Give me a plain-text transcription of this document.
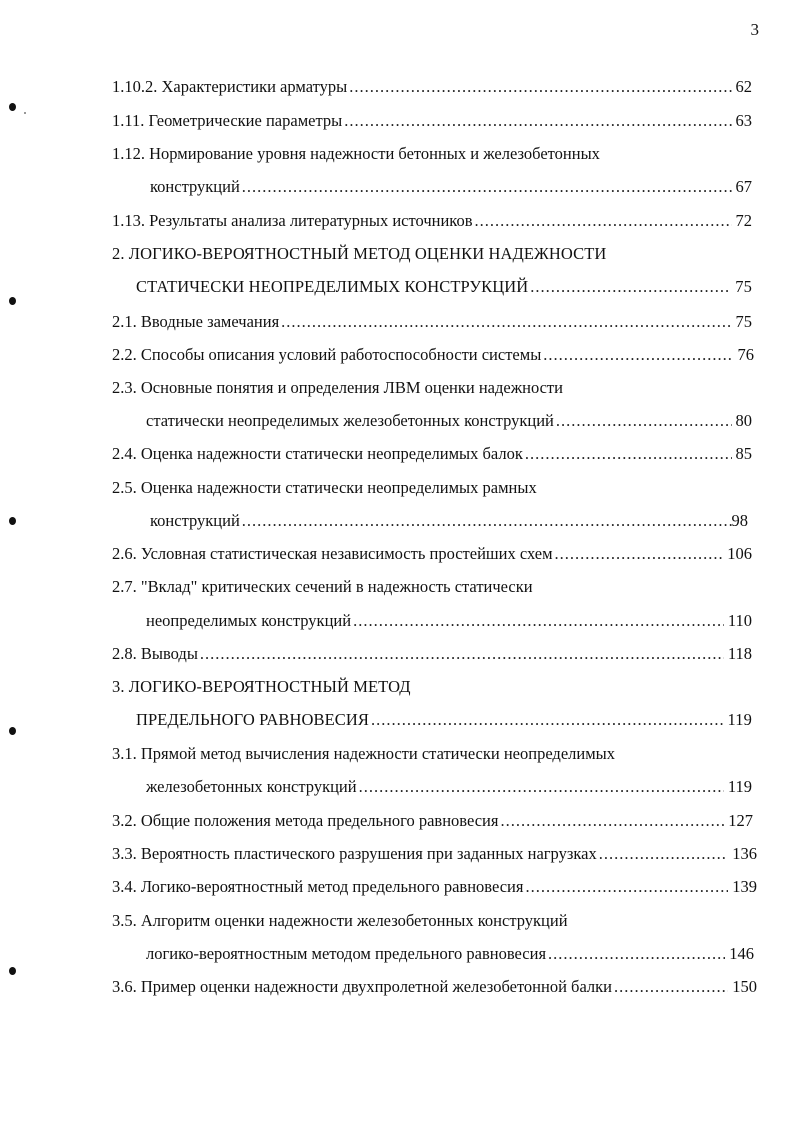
3
1.10.2. Характеристики арматуры .....	62
1.11. Геометрические параметры .....	63
1.12. Нормирование уровня надежности бетонных и железобетонных
конструкций .....	67
1.13. Результаты анализа литературных источников .....	72
2. ЛОГИКО-ВЕРОЯТНОСТНЫЙ МЕТОД ОЦЕНКИ НАДЕЖНОСТИ
СТАТИЧЕСКИ НЕОПРЕДЕЛИМЫХ КОНСТРУКЦИЙ .....	75
2.1. Вводные замечания .....	75
2.2. Способы описания условий работоспособности системы .....	76
2.3. Основные понятия и определения ЛВМ оценки надежности
статически неопределимых железобетонных конструкций .....	80
2.4. Оценка надежности статически неопределимых балок .....	85
2.5. Оценка надежности статически неопределимых рамных
конструкций .....	98
2.6. Условная статистическая независимость простейших схем .....	106
2.7. "Вклад" критических сечений в надежность статически
неопределимых конструкций .....	110
2.8. Выводы .....	118
3. ЛОГИКО-ВЕРОЯТНОСТНЫЙ МЕТОД
ПРЕДЕЛЬНОГО РАВНОВЕСИЯ .....	119
3.1. Прямой метод вычисления надежности статически неопределимых
железобетонных конструкций .....	119
3.2. Общие положения метода предельного равновесия .....	127
3.3. Вероятность пластического разрушения при заданных нагрузках .....	136
3.4. Логико-вероятностный метод предельного равновесия .....	139
3.5. Алгоритм оценки надежности железобетонных конструкций
логико-вероятностным методом предельного равновесия .....	146
3.6. Пример оценки надежности двухпролетной железобетонной балки .....	150
